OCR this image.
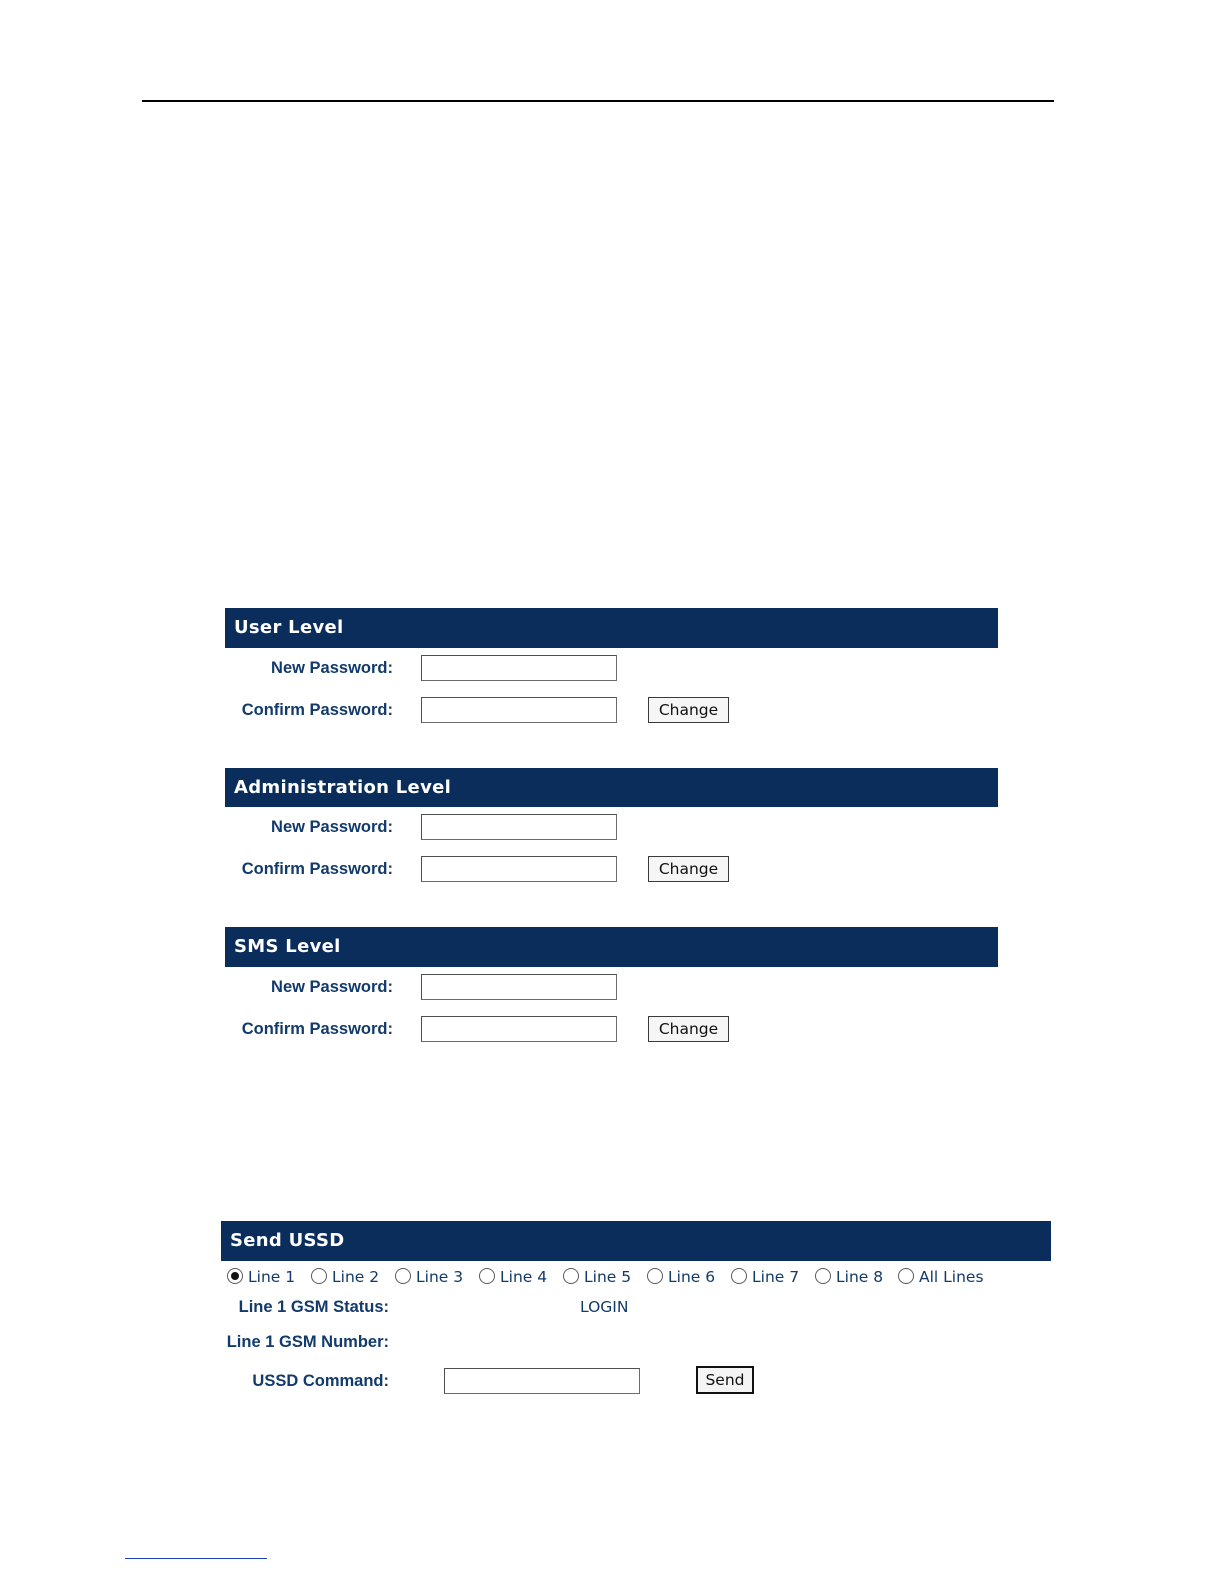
User Level
New Password:
Confirm Password:	Change
Administration Level
New Password:
Confirm Password:	Change
SMS Level
New Password:
Confirm Password:	Change
Send USSD
Line 1 Line 2 Line 3 Line 4 Line 5 Line 6 Line 7 Line 8 All Lines
Line 1 GSM Status:	LOGIN
Line 1 GSM Number:
USSD Command:	Send
